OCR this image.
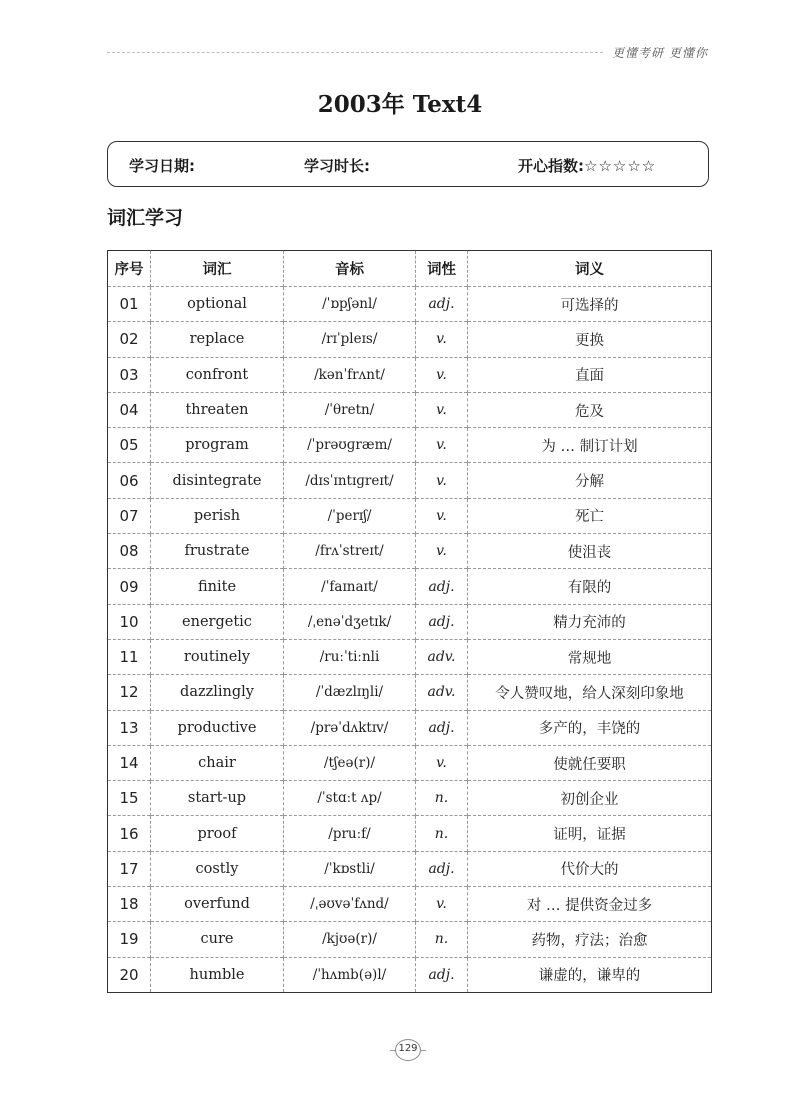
更懂考研 更懂你
2003年 Text4
学习日期:	学习时长:	开心指数:☆☆☆☆☆
词汇学习
序号	词汇	音标	词性	词义
01	optional	/ˈɒpʃənl/	adj.	可选择的
02	replace	/rɪˈpleɪs/	v.	更换
03	confront	/kənˈfrʌnt/	v.	直面
04	threaten	/ˈθretn/	v.	危及
05	program	/ˈprəʊɡræm/	v.	为 … 制订计划
06	disintegrate	/dɪsˈɪntɪɡreɪt/	v.	分解
07	perish	/ˈperɪʃ/	v.	死亡
08	frustrate	/frʌˈstreɪt/	v.	使沮丧
09	finite	/ˈfaɪnaɪt/	adj.	有限的
10	energetic	/ˌenəˈdʒetɪk/	adj.	精力充沛的
11	routinely	/ruːˈtiːnli	adv.	常规地
12	dazzlingly	/ˈdæzlɪŋli/	adv.	令人赞叹地，给人深刻印象地
13	productive	/prəˈdʌktɪv/	adj.	多产的，丰饶的
14	chair	/tʃeə(r)/	v.	使就任要职
15	start-up	/ˈstɑːt ʌp/	n.	初创企业
16	proof	/pruːf/	n.	证明，证据
17	costly	/ˈkɒstli/	adj.	代价大的
18	overfund	/ˌəʊvəˈfʌnd/	v.	对 … 提供资金过多
19	cure	/kjʊə(r)/	n.	药物，疗法；治愈
20	humble	/ˈhʌmb(ə)l/	adj.	谦虚的，谦卑的
129
